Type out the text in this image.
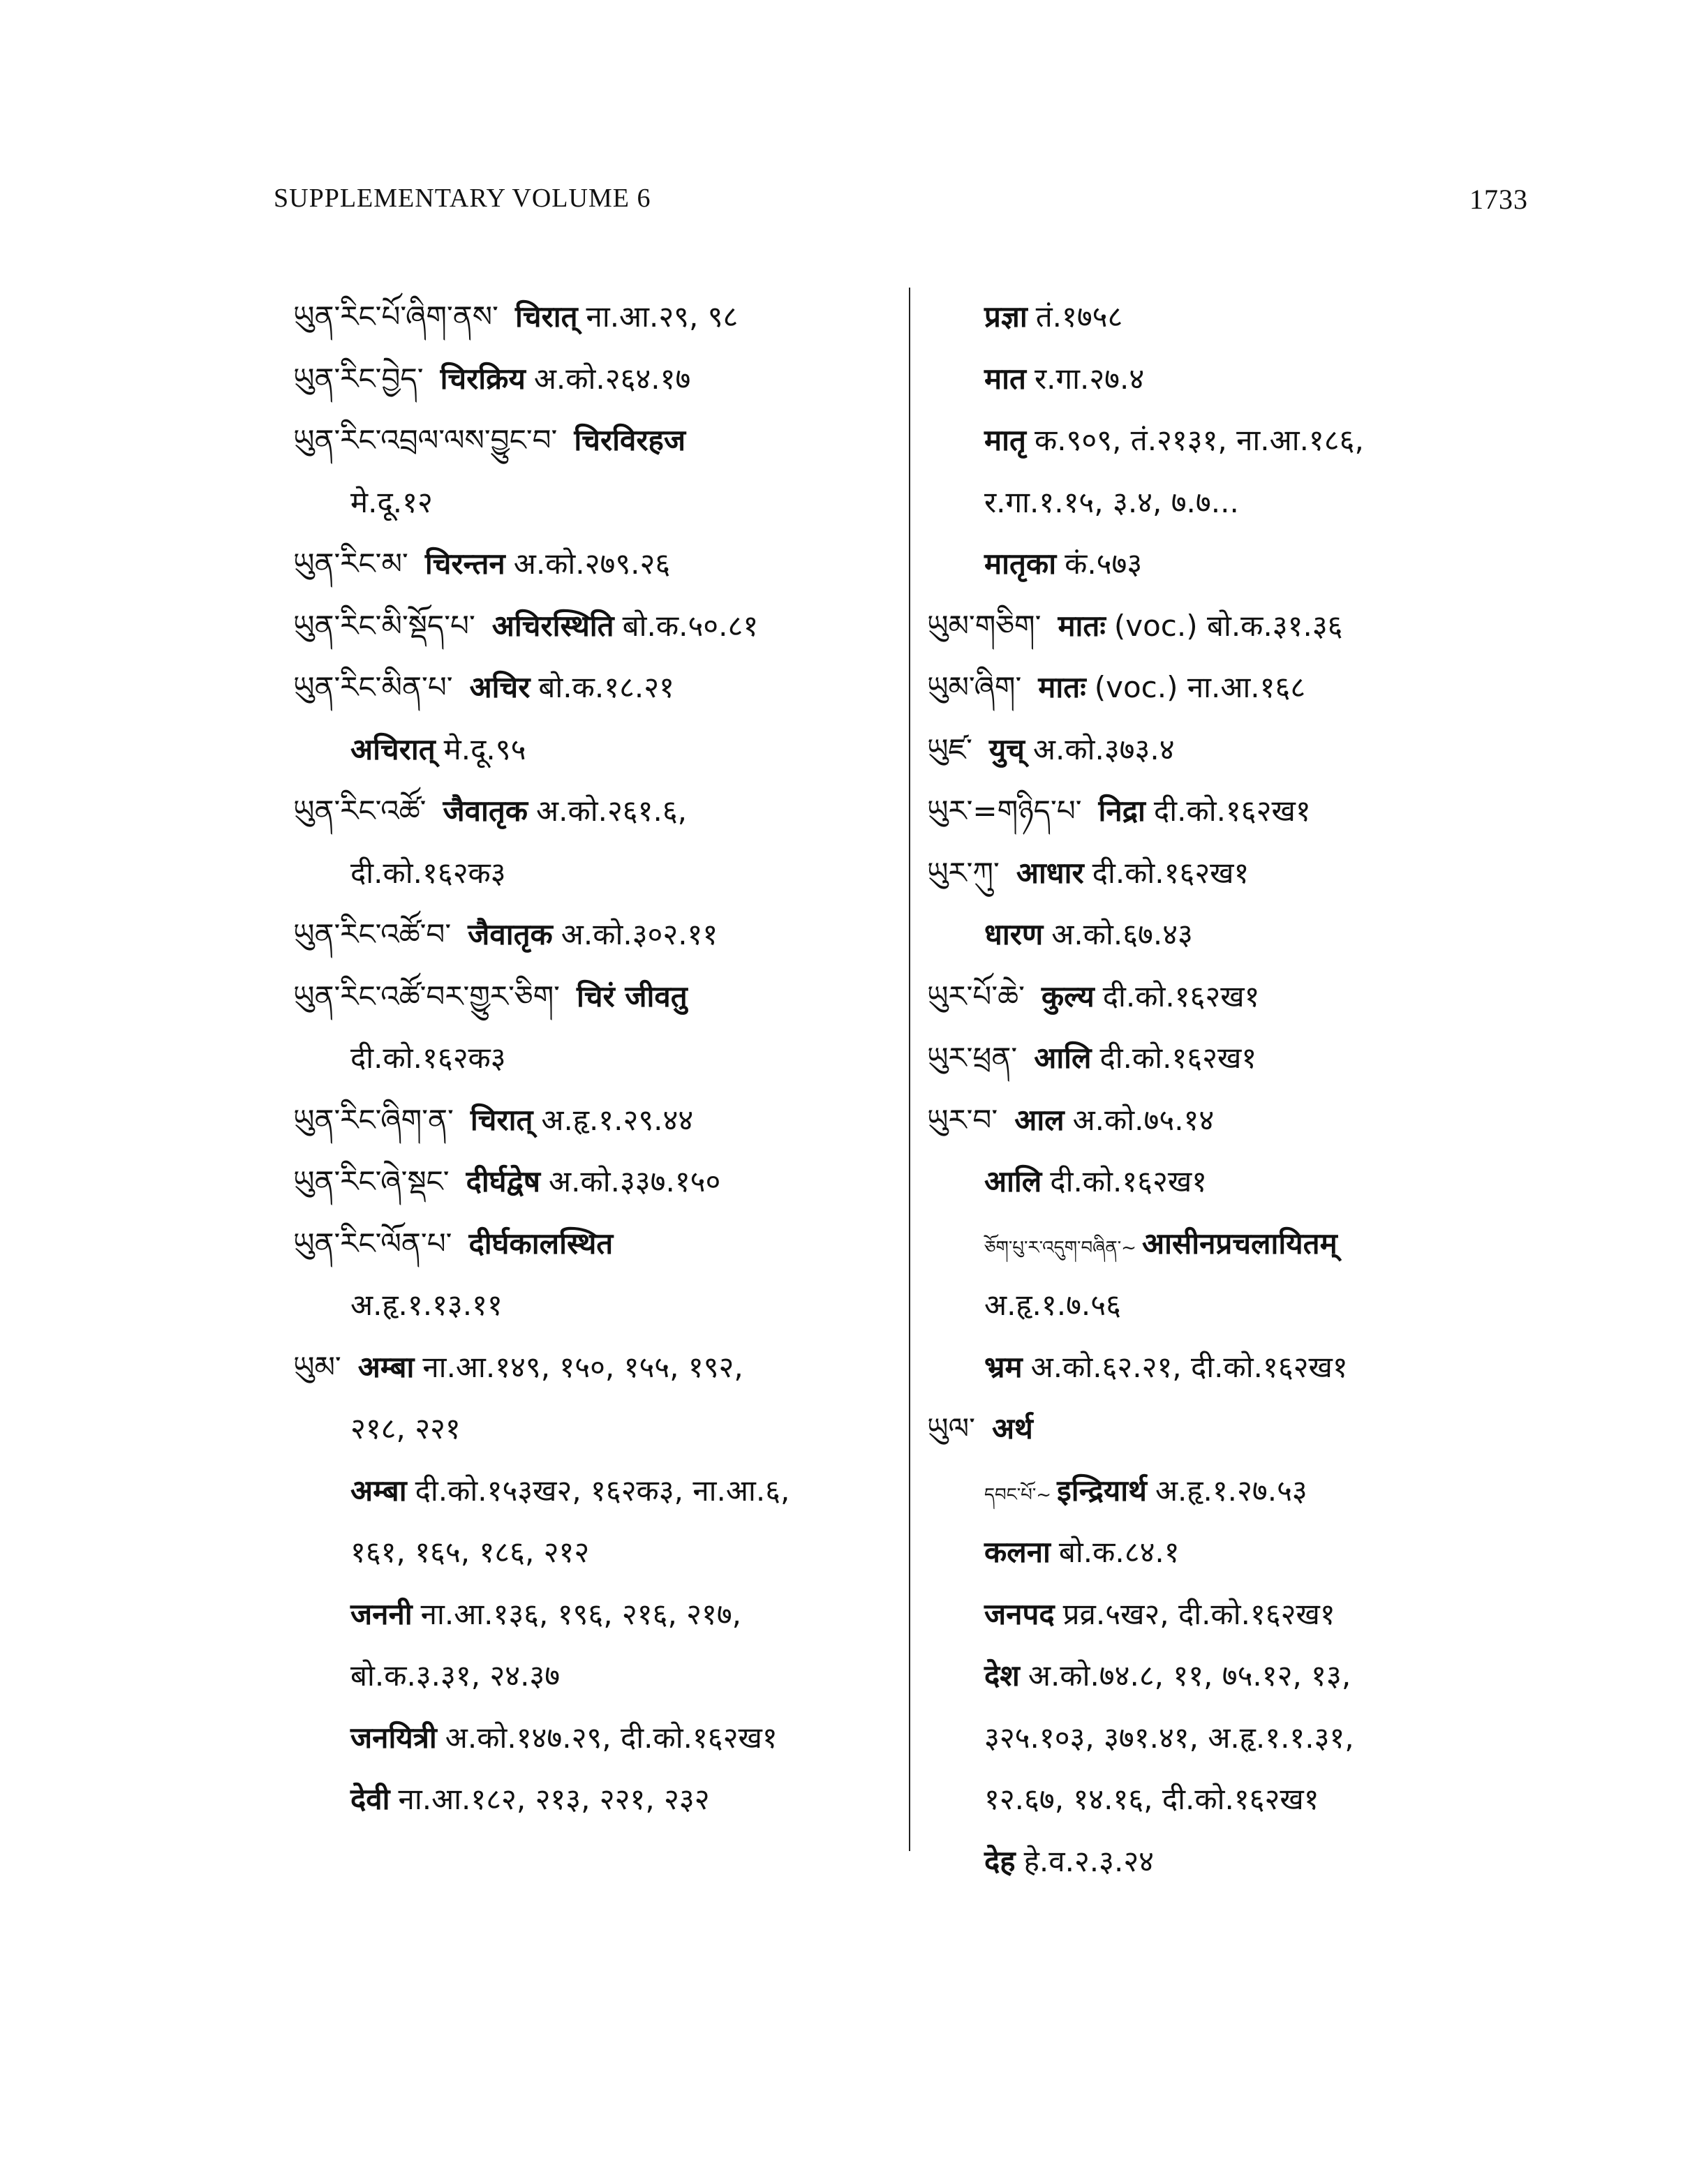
SUPPLEMENTARY VOLUME 6	1733
ཡུན་རིང་པོ་ཞིག་ནས་ चिरात् ना.आ.२९, ९८
ཡུན་རིང་བྱེད་ चिरक्रिय अ.को.२६४.१७
ཡུན་རིང་འབྲལ་ལས་བྱུང་བ་ चिरविरहज
मे.दू.१२
ཡུན་རིང་མ་ चिरन्तन अ.को.२७९.२६
ཡུན་རིང་མི་སྡོད་པ་ अचिरस्थिति बो.क.५०.८१
ཡུན་རིང་མིན་པ་ अचिर बो.क.१८.२१
अचिरात् मे.दू.९५
ཡུན་རིང་འཚོ་ जैवातृक अ.को.२६१.६,
दी.को.१६२क३
ཡུན་རིང་འཚོ་བ་ जैवातृक अ.को.३०२.११
ཡུན་རིང་འཚོ་བར་གྱུར་ཅིག་ चिरं जीवतु
दी.को.१६२क३
ཡུན་རིང་ཞིག་ན་ चिरात् अ.हृ.१.२९.४४
ཡུན་རིང་ཞེ་སྡང་ दीर्घद्वेष अ.को.३३७.१५०
ཡུན་རིང་ལོན་པ་ दीर्घकालस्थित
अ.हृ.१.१३.११
ཡུམ་ अम्बा ना.आ.१४९, १५०, १५५, १९२,
२१८, २२१
अम्बा दी.को.१५३ख२, १६२क३, ना.आ.६,
१६१, १६५, १८६, २१२
जननी ना.आ.१३६, १९६, २१६, २१७,
बो.क.३.३१, २४.३७
जनयित्री अ.को.१४७.२९, दी.को.१६२ख१
देवी ना.आ.१८२, २१३, २२१, २३२
प्रज्ञा तं.१७५८
मात र.गा.२७.४
मातृ क.९०९, तं.२१३१, ना.आ.१८६,
र.गा.१.१५, ३.४, ७.७...
मातृका कं.५७३
ཡུམ་གཅིག་ मातः (voc.) बो.क.३१.३६
ཡུམ་ཞིག་ मातः (voc.) ना.आ.१६८
ཡུཛ་ युच् अ.को.३७३.४
ཡུར་=གཉིད་པ་ निद्रा दी.को.१६२ख१
ཡུར་ཀུ་ आधार दी.को.१६२ख१
धारण अ.को.६७.४३
ཡུར་པོ་ཆེ་ कुल्य दी.को.१६२ख१
ཡུར་ཕྲན་ आलि दी.को.१६२ख१
ཡུར་བ་ आल अ.को.७५.१४
आलि दी.को.१६२ख१
ཅོག་པུ་ར་འདུག་བཞིན་~ आसीनप्रचलायितम्
अ.हृ.१.७.५६
भ्रम अ.को.६२.२१, दी.को.१६२ख१
ཡུལ་ अर्थ
དབང་པོ་~ इन्द्रियार्थ अ.हृ.१.२७.५३
कलना बो.क.८४.१
जनपद प्रव्र.५ख२, दी.को.१६२ख१
देश अ.को.७४.८, ११, ७५.१२, १३,
३२५.१०३, ३७१.४१, अ.हृ.१.१.३१,
१२.६७, १४.१६, दी.को.१६२ख१
देह हे.व.२.३.२४
